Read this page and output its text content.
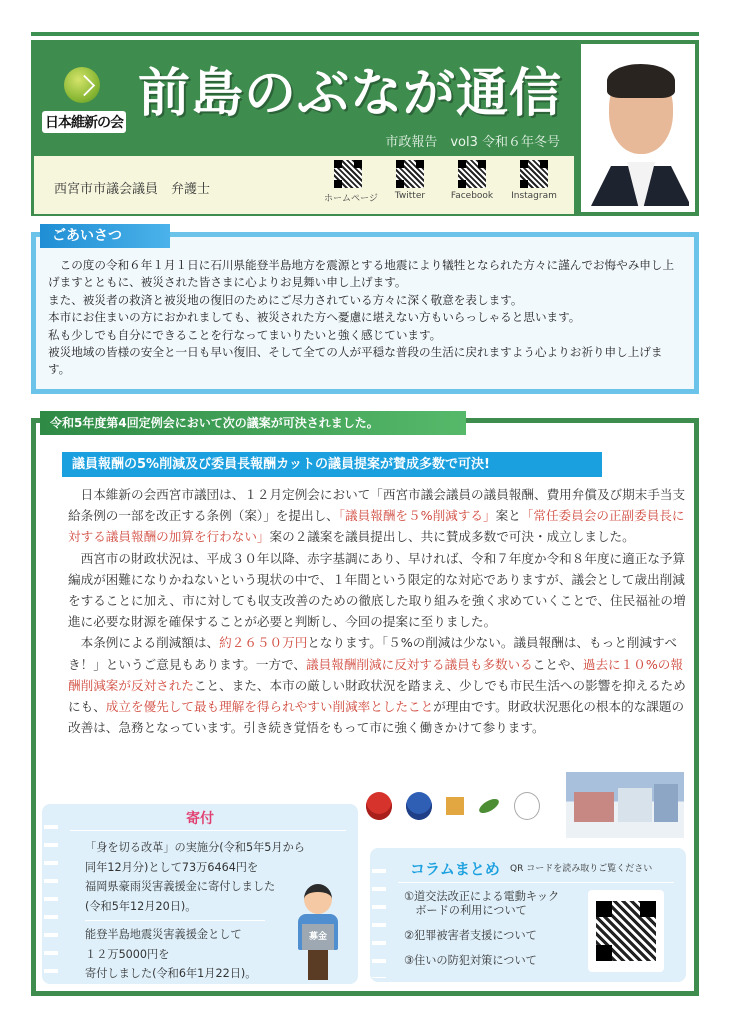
日本維新の会 前島のぶなが通信
市政報告　vol3 令和６年冬号
西宮市市議会議員　弁護士
ホームページ	Twitter	Facebook	Instagram

　この度の令和６年１月１日に石川県能登半島地方を震源とする地震により犠牲となられた方々に謹んでお悔やみ申し上げますとともに、被災された皆さまに心よりお見舞い申し上げます。

また、被災者の救済と被災地の復旧のためにご尽力されている方々に深く敬意を表します。

本市にお住まいの方におかれましても、被災された方へ憂慮に堪えない方もいらっしゃると思います。

私も少しでも自分にできることを行なってまいりたいと強く感じています。

被災地域の皆様の安全と一日も早い復旧、そして全ての人が平穏な普段の生活に戻れますよう心よりお祈り申し上げます。

ごあいさつ
令和5年度第4回定例会において次の議案が可決されました。
議員報酬の5%削減及び委員長報酬カットの議員提案が賛成多数で可決!

日本維新の会西宮市議団は、１２月定例会において「西宮市議会議員の議員報酬、費用弁償及び期末手当支給条例の一部を改正する条例（案）」を提出し、「議員報酬を５%削減する」案と「常任委員会の正副委員長に対する議員報酬の加算を行わない」案の２議案を議員提出し、共に賛成多数で可決・成立しました。

西宮市の財政状況は、平成３０年以降、赤字基調にあり、早ければ、令和７年度か令和８年度に適正な予算編成が困難になりかねないという現状の中で、１年間という限定的な対応でありますが、議会として歳出削減をすることに加え、市に対しても収支改善のための徹底した取り組みを強く求めていくことで、住民福祉の増進に必要な財源を確保することが必要と判断し、今回の提案に至りました。

本条例による削減額は、約２６５０万円となります。「５%の削減は少ない。議員報酬は、もっと削減すべき！」というご意見もあります。一方で、議員報酬削減に反対する議員も多数いることや、過去に１０%の報酬削減案が反対されたこと、また、本市の厳しい財政状況を踏まえ、少しでも市民生活への影響を抑えるためにも、成立を優先して最も理解を得られやすい削減率としたことが理由です。財政状況悪化の根本的な課題の改善は、急務となっています。引き続き覚悟をもって市に強く働きかけて参ります。

寄付

「身を切る改革」の実施分(令和5年5月から

同年12月分)として73万6464円を

福岡県豪雨災害義援金に寄付しました

(令和5年12月20日)。

能登半島地震災害義援金として

１２万5000円を

寄付しました(令和6年1月22日)。

募金
コラムまとめ QR コードを読み取りご覧ください
①道交法改正による電動キック
　ボードの利用について
②犯罪被害者支援について
③住いの防犯対策について
